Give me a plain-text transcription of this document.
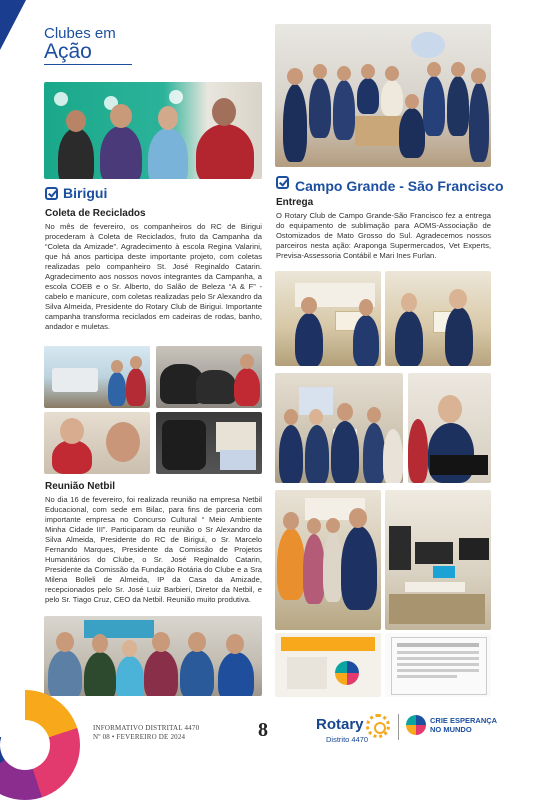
Clubes em
Ação
Birigui
Coleta de Reciclados
No mês de fevereiro, os companheiros do RC de Birigui procederam à Coleta de Reciclados, fruto da Campanha da “Coleta da Amizade”. Agradecimento à escola Regina Valarini, que há anos participa deste importante projeto, com coletas realizadas pelo companheiro St. José Reginaldo Catarin. Agradecimento aos nossos novos integrantes da Campanha, a escola COEB e o Sr. Alberto, do Salão de Beleza “A & F” - cabelo e manicure, com coletas realizadas pelo Sr Alexandro da Silva Almeida, Presidente do Rotary Club de Birigui. Importante campanha transforma reciclados em cadeiras de rodas, banho, andador e muletas.
Reunião Netbil
No dia 16 de fevereiro, foi realizada reunião na empresa Netbil Educacional, com sede em Bilac, para fins de parceria com importante empresa no Concurso Cultural “ Meio Ambiente Minha Cidade III”. Participaram da reunião o Sr Alexandro da Silva Almeida, Presidente do RC de Birigui, o Sr. Marcelo Fernando Marques, Presidente da Comissão de Projetos Humanitários do Clube, o Sr. José Reginaldo Catarin, Presidente da Comissão da Fundação Rotária do Clube e a Sra Milena Bolleli de Almeida, IP da Casa da Amizade, recepcionados pelo Sr. José Luiz Barbieri, Diretor da Netbil, e pelo Sr. Tiago Cruz, CEO da Netbil. Reunião muito produtiva.
Campo Grande - São Francisco
Entrega
O Rotary Club de Campo Grande-São Francisco fez a entrega do equipamento de sublimação para AOMS-Associação de Ostomizados de Mato Grosso do Sul. Agradecemos nossos parceiros nesta ação: Araponga Supermercados, Vet Experts, Previsa-Assessoria Contábil e Mari Ines Furlan.
INFORMATIVO DISTRITAL 4470
Nº 08 • FEVEREIRO DE 2024	8	Rotary
Distrito 4470
CRIE ESPERANÇA
NO MUNDO
